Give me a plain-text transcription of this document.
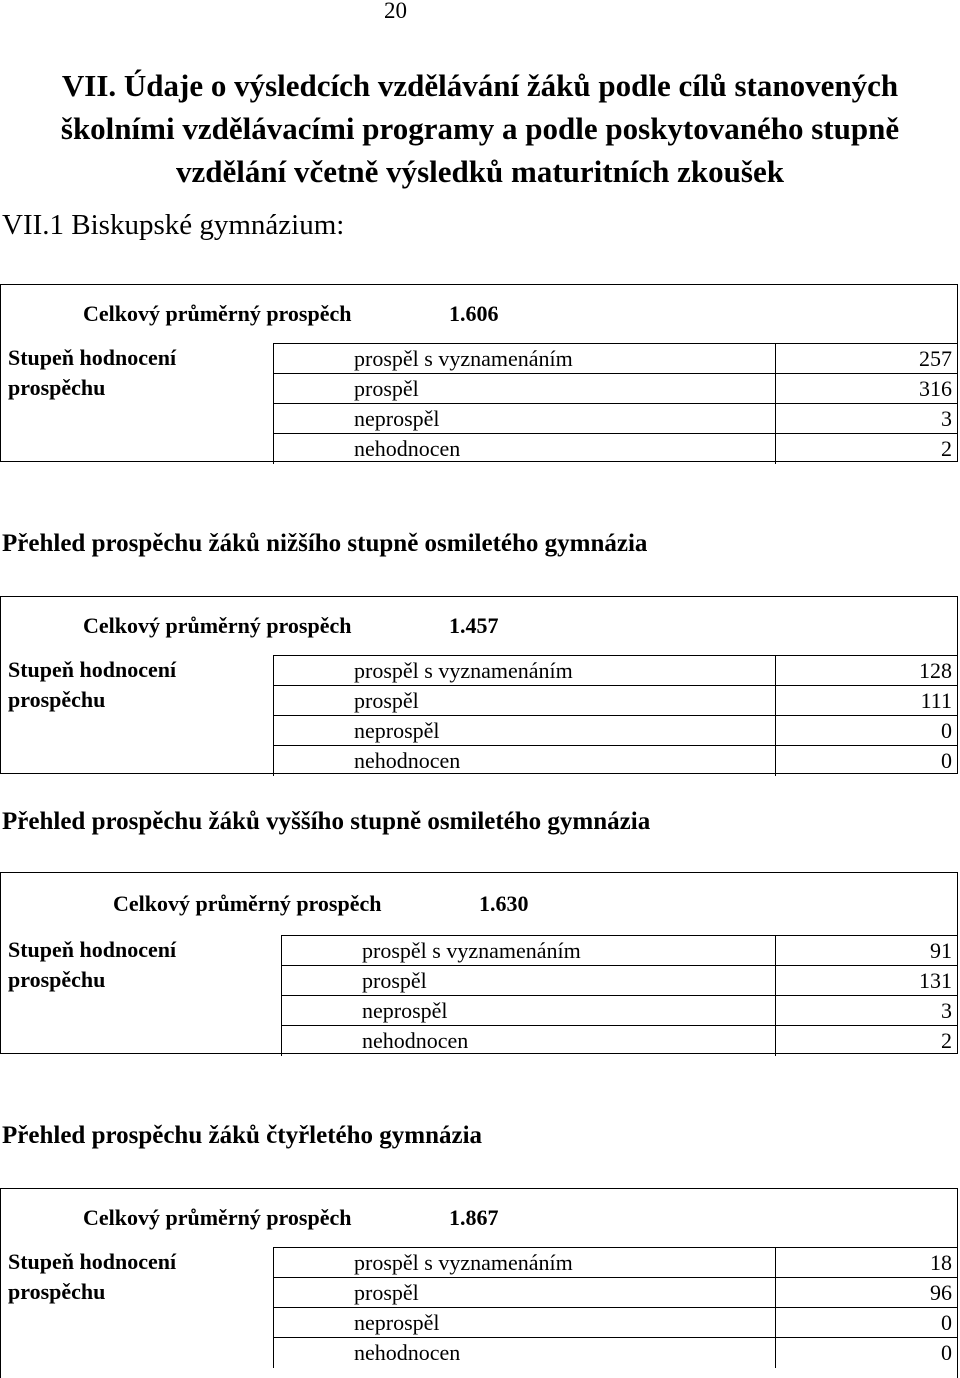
20
VII. Údaje o výsledcích vzdělávání žáků podle cílů stanovených
školními vzdělávacími programy a podle poskytovaného stupně
vzdělání včetně výsledků maturitních zkoušek
VII.1 Biskupské gymnázium:
Celkový průměrný prospěch	1.606
Stupeň hodnocení
prospěchu
prospěl s vyznamenáním	257
prospěl	316
neprospěl	3
nehodnocen	2
Přehled prospěchu žáků nižšího stupně osmiletého gymnázia
Celkový průměrný prospěch	1.457
Stupeň hodnocení
prospěchu
prospěl s vyznamenáním	128
prospěl	111
neprospěl	0
nehodnocen	0
Přehled prospěchu žáků vyššího stupně osmiletého gymnázia
Celkový průměrný prospěch	1.630
Stupeň hodnocení
prospěchu
prospěl s vyznamenáním	91
prospěl	131
neprospěl	3
nehodnocen	2
Přehled prospěchu žáků čtyřletého gymnázia
Celkový průměrný prospěch	1.867
Stupeň hodnocení
prospěchu
prospěl s vyznamenáním	18
prospěl	96
neprospěl	0
nehodnocen	0
